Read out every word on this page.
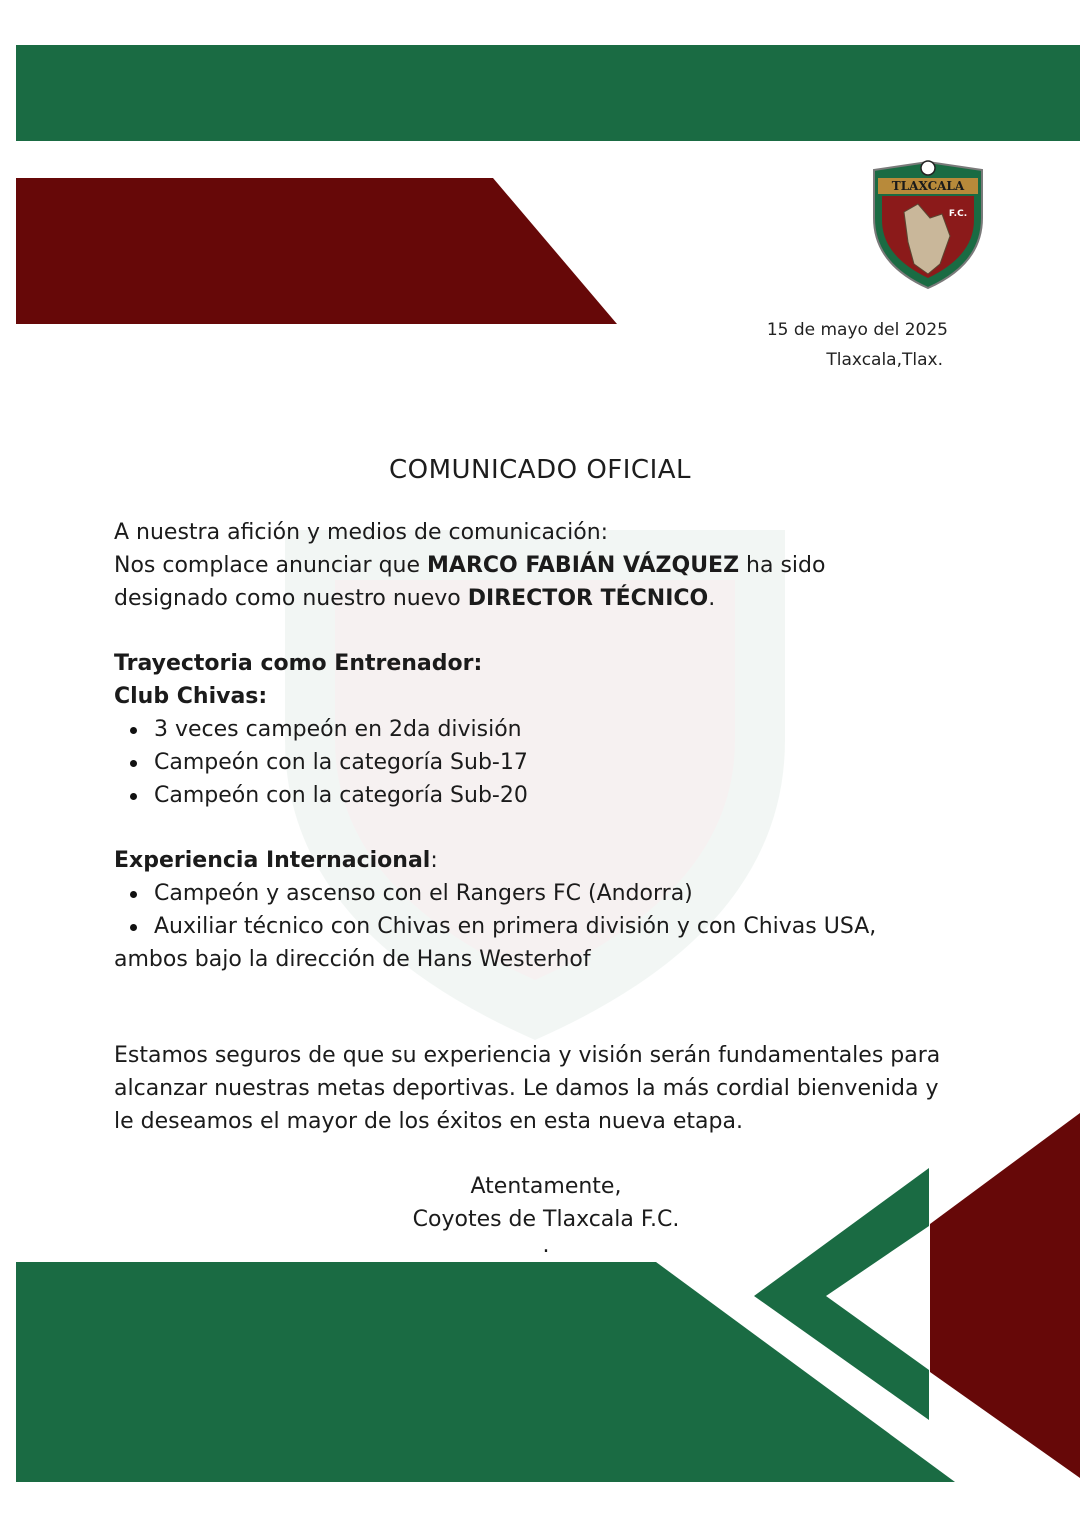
TLAXCALA
F.C.
15 de mayo del 2025
Tlaxcala,Tlax.
COMUNICADO OFICIAL
A nuestra afición y medios de comunicación:
Nos complace anunciar que MARCO FABIÁN VÁZQUEZ ha sido designado como nuestro nuevo DIRECTOR TÉCNICO.
Trayectoria como Entrenador:
Club Chivas:
3 veces campeón en 2da división
Campeón con la categoría Sub-17
Campeón con la categoría Sub-20
Experiencia Internacional:
Campeón y ascenso con el Rangers FC (Andorra)
Auxiliar técnico con Chivas en primera división y con Chivas USA,
ambos bajo la dirección de Hans Westerhof
Estamos seguros de que su experiencia y visión serán fundamentales para alcanzar nuestras metas deportivas. Le damos la más cordial bienvenida y le deseamos el mayor de los éxitos en esta nueva etapa.
Atentamente,
Coyotes de Tlaxcala F.C.
.
